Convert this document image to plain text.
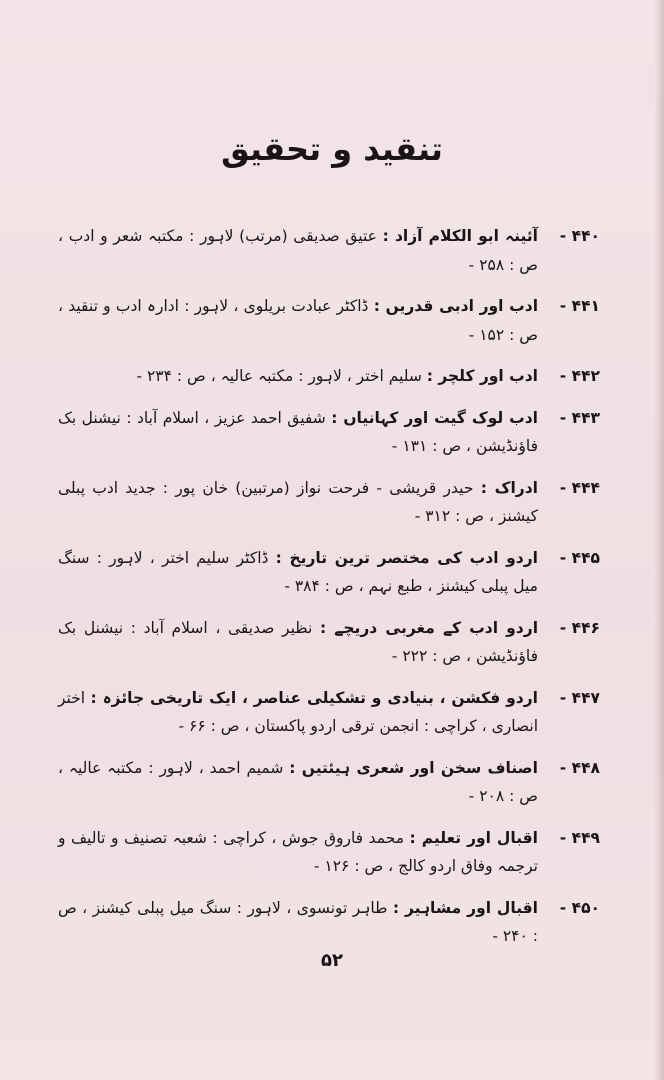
تنقید و تحقیق
۴۴۰ -
آئینہ ابو الکلام آزاد : عتیق صدیقی (مرتب) لاہور : مکتبہ شعر و ادب ، ص : ۲۵۸ -
۴۴۱ -
ادب اور ادبی قدریں : ڈاکٹر عبادت بریلوی ، لاہور : ادارہ ادب و تنقید ، ص : ۱۵۲ -
۴۴۲ -
ادب اور کلچر : سلیم اختر ، لاہور : مکتبہ عالیہ ، ص : ۲۳۴ -
۴۴۳ -
ادب لوک گیت اور کہانیاں : شفیق احمد عزیز ، اسلام آباد : نیشنل بک فاؤنڈیشن ، ص : ۱۳۱ -
۴۴۴ -
ادراک : حیدر قریشی - فرحت نواز (مرتبین) خان پور : جدید ادب پبلی کیشنز ، ص : ۳۱۲ -
۴۴۵ -
اردو ادب کی مختصر ترین تاریخ : ڈاکٹر سلیم اختر ، لاہور : سنگ میل پبلی کیشنز ، طبع نہم ، ص : ۳۸۴ -
۴۴۶ -
اردو ادب کے مغربی دریچے : نظیر صدیقی ، اسلام آباد : نیشنل بک فاؤنڈیشن ، ص : ۲۲۲ -
۴۴۷ -
اردو فکشن ، بنیادی و تشکیلی عناصر ، ایک تاریخی جائزہ : اختر انصاری ، کراچی : انجمن ترقی اردو پاکستان ، ص : ۶۶ -
۴۴۸ -
اصناف سخن اور شعری ہیئتیں : شمیم احمد ، لاہور : مکتبہ عالیہ ، ص : ۲۰۸ -
۴۴۹ -
اقبال اور تعلیم : محمد فاروق جوش ، کراچی : شعبہ تصنیف و تالیف و ترجمہ وفاق اردو کالج ، ص : ۱۲۶ -
۴۵۰ -
اقبال اور مشاہیر : طاہر تونسوی ، لاہور : سنگ میل پبلی کیشنز ، ص : ۲۴۰ -
۵۲
